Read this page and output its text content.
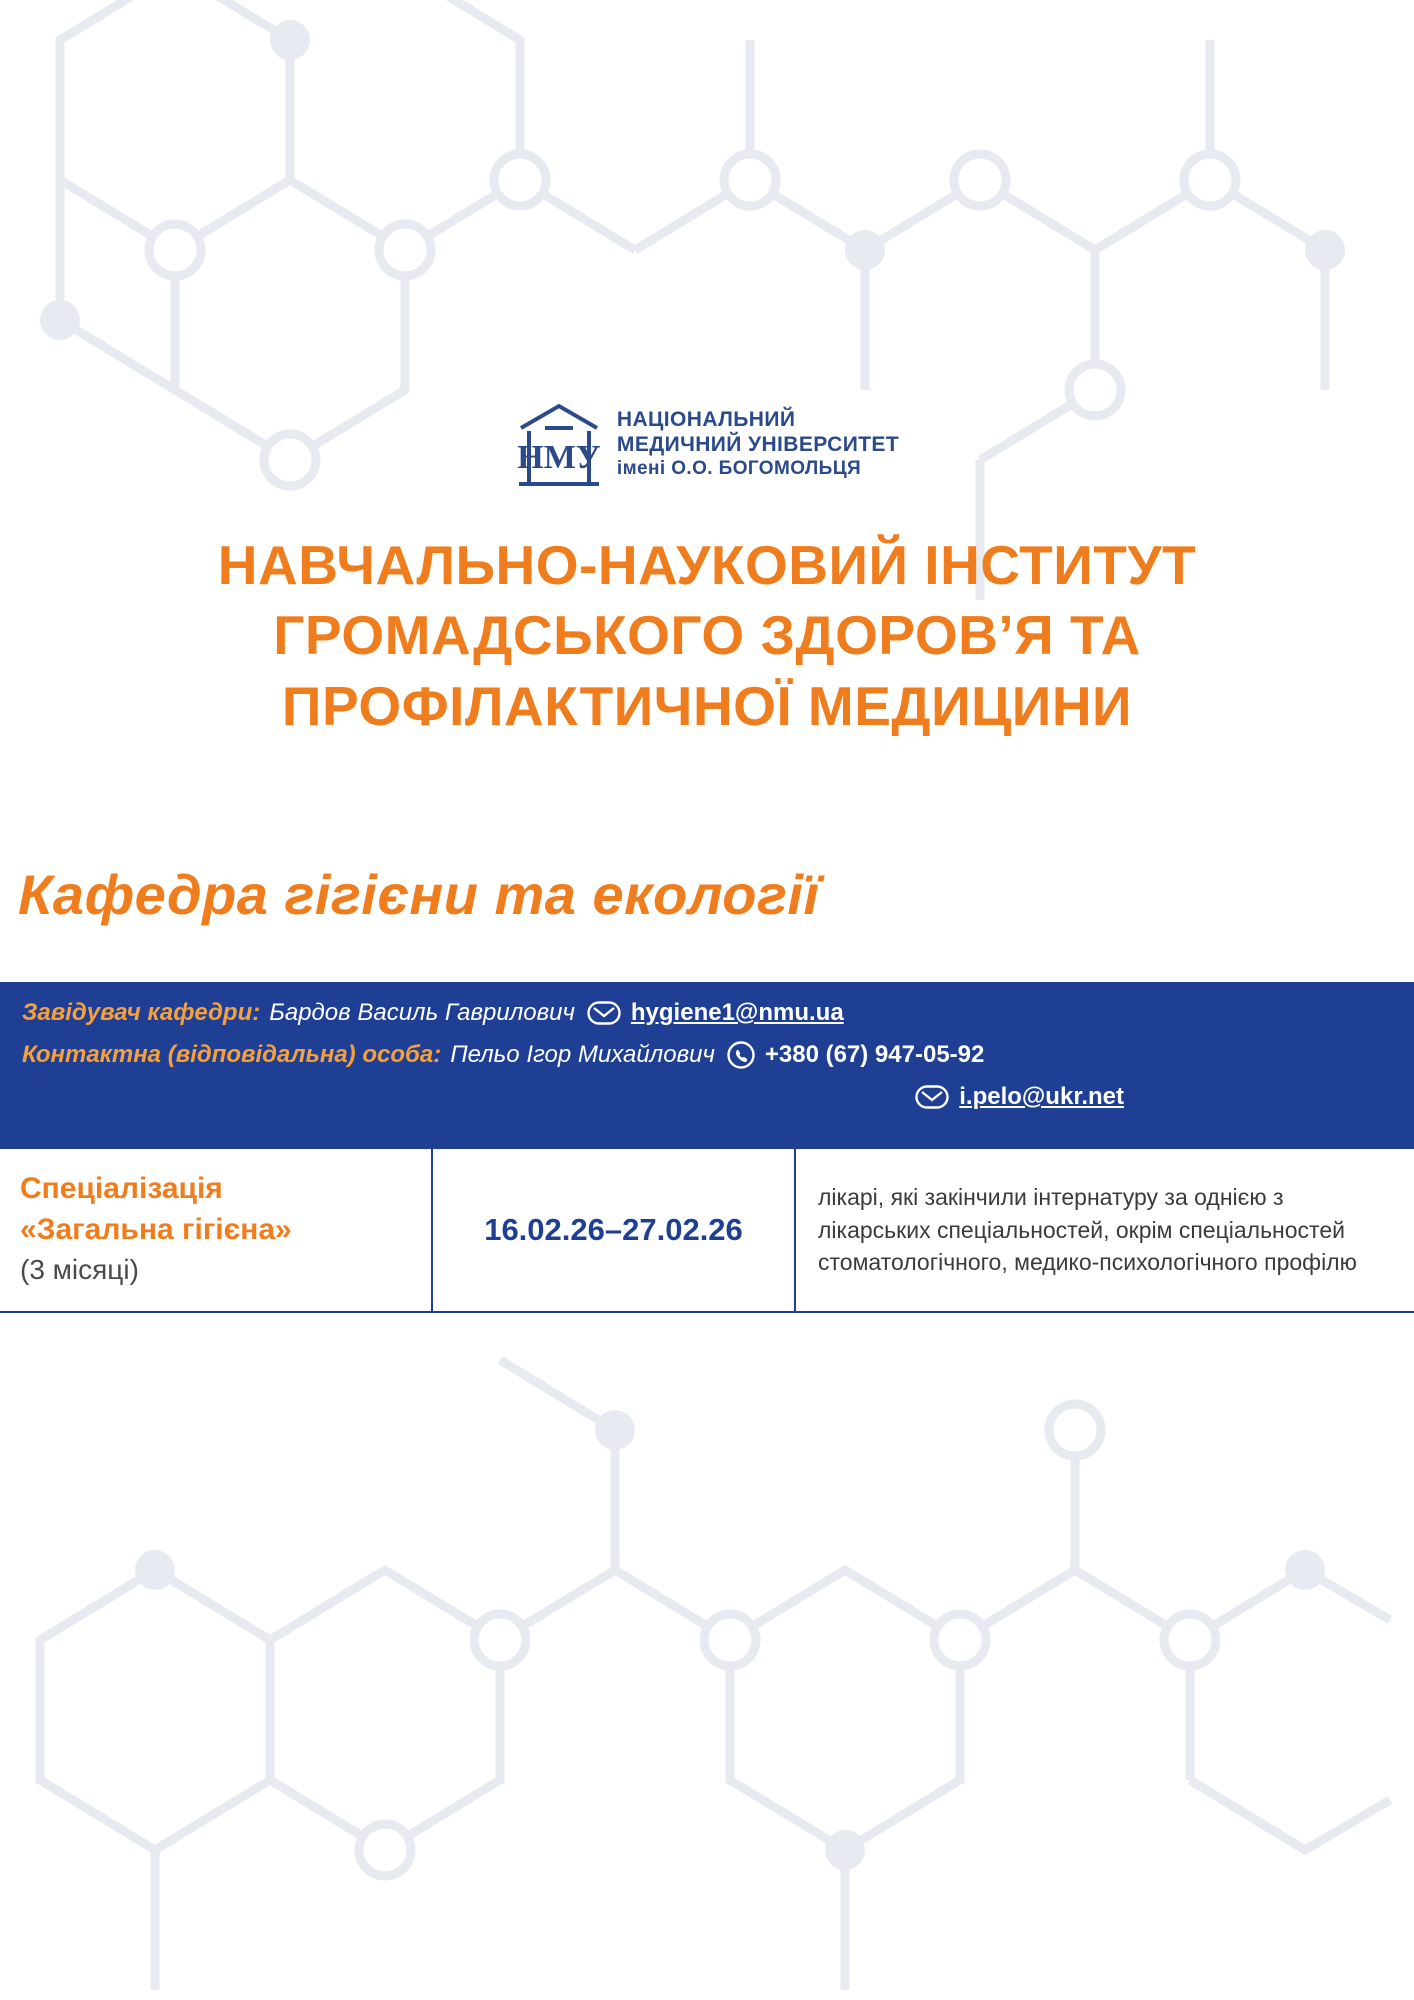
НМУ
НАЦІОНАЛЬНИЙ
МЕДИЧНИЙ УНІВЕРСИТЕТ
імені О.О. БОГОМОЛЬЦЯ
НАВЧАЛЬНО-НАУКОВИЙ ІНСТИТУТ
ГРОМАДСЬКОГО ЗДОРОВ’Я ТА
ПРОФІЛАКТИЧНОЇ МЕДИЦИНИ
Кафедра гігієни та екології
Завідувач кафедри: Бардов Василь Гаврилович hygiene1@nmu.ua
Контактна (відповідальна) особа: Пельо Ігор Михайлович +380 (67) 947-05-92
i.pelo@ukr.net
Спеціалізація
«Загальна гігієна»
(3 місяці)
	16.02.26–27.02.26	лікарі, які закінчили інтернатуру за однією з лікарських спеціальностей, окрім спеціальностей стоматологічного, медико-психологічного профілю
